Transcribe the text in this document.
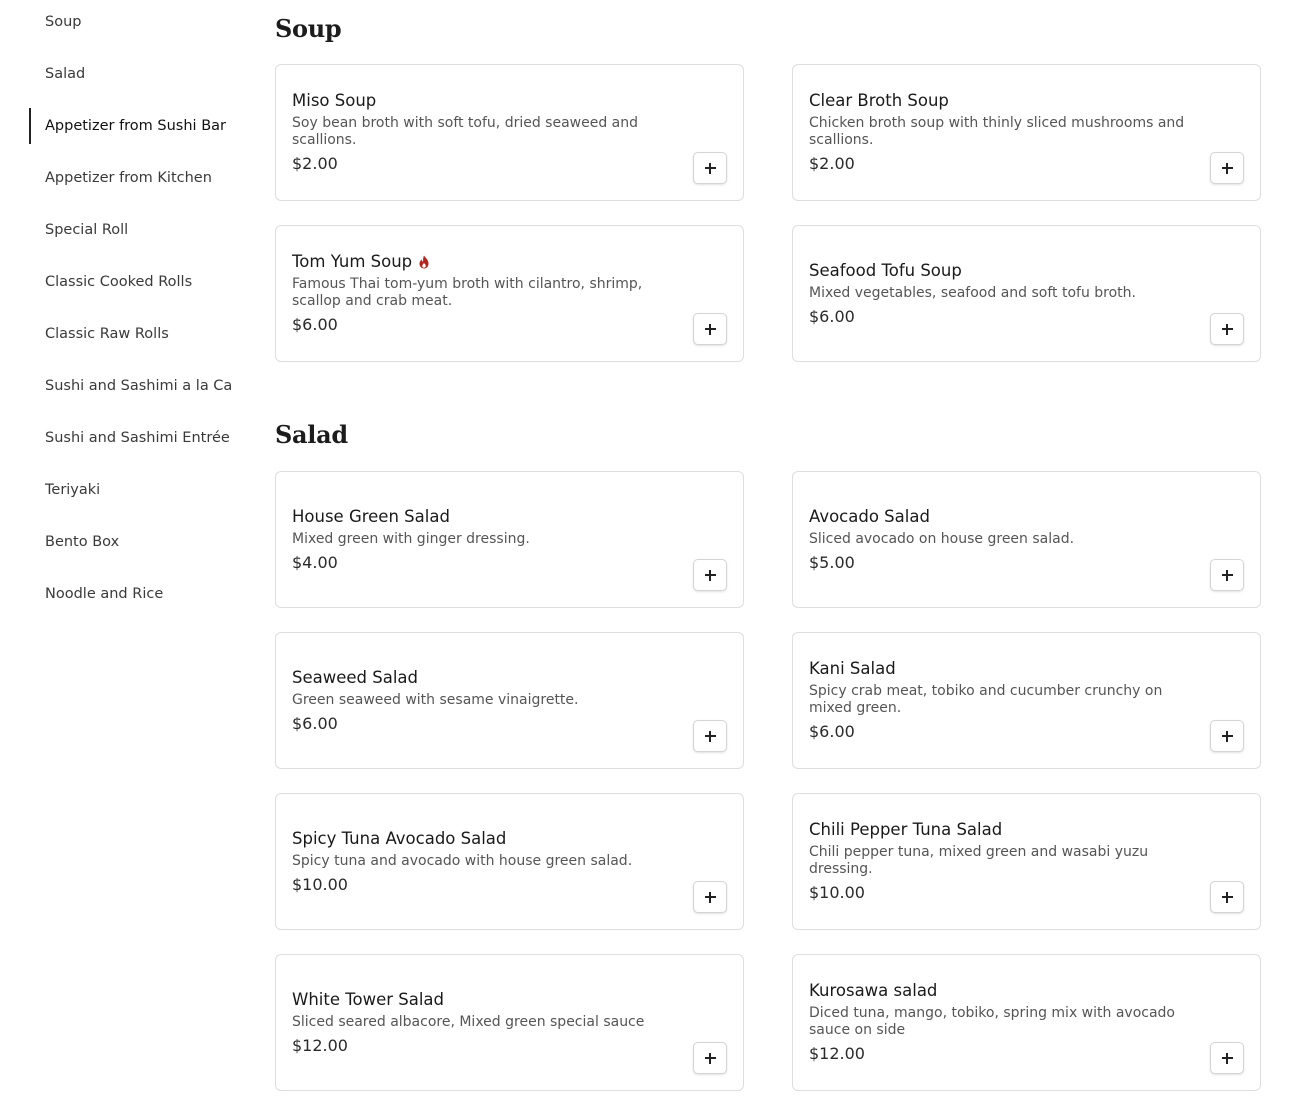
Soup
Salad
Appetizer from Sushi Bar
Appetizer from Kitchen
Special Roll
Classic Cooked Rolls
Classic Raw Rolls
Sushi and Sashimi a la Ca
Sushi and Sashimi Entrée
Teriyaki
Bento Box
Noodle and Rice
Soup
Miso Soup
Soy bean broth with soft tofu, dried seaweed and scallions.
$2.00
Clear Broth Soup
Chicken broth soup with thinly sliced mushrooms and scallions.
$2.00
Tom Yum Soup
Famous Thai tom-yum broth with cilantro, shrimp, scallop and crab meat.
$6.00
Seafood Tofu Soup
Mixed vegetables, seafood and soft tofu broth.
$6.00
Salad
House Green Salad
Mixed green with ginger dressing.
$4.00
Avocado Salad
Sliced avocado on house green salad.
$5.00
Seaweed Salad
Green seaweed with sesame vinaigrette.
$6.00
Kani Salad
Spicy crab meat, tobiko and cucumber crunchy on mixed green.
$6.00
Spicy Tuna Avocado Salad
Spicy tuna and avocado with house green salad.
$10.00
Chili Pepper Tuna Salad
Chili pepper tuna, mixed green and wasabi yuzu dressing.
$10.00
White Tower Salad
Sliced seared albacore, Mixed green special sauce
$12.00
Kurosawa salad
Diced tuna, mango, tobiko, spring mix with avocado sauce on side
$12.00
